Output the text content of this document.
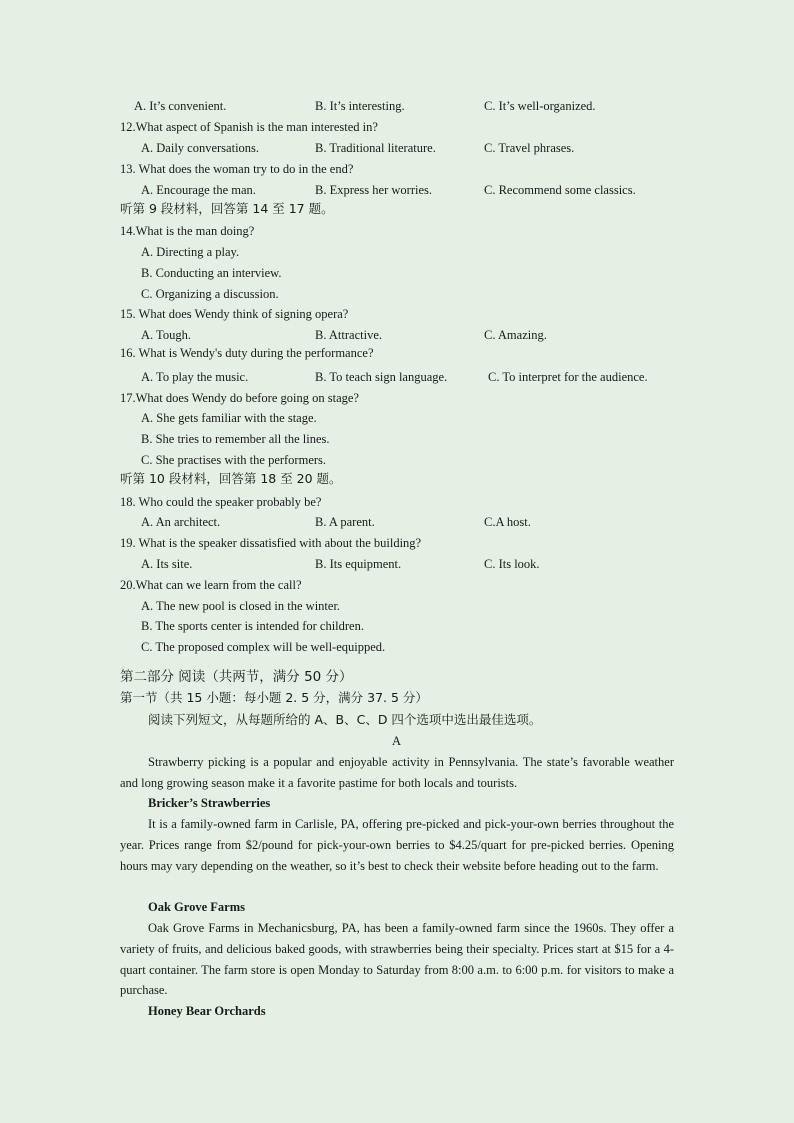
A. It’s convenient.	B. It’s interesting.	C. It’s well-organized.
12.What aspect of Spanish is the man interested in?
A. Daily conversations.	B. Traditional literature.	C. Travel phrases.
13. What does the woman try to do in the end?
A. Encourage the man.	B. Express her worries.	C. Recommend some classics.
听第 9 段材料，回答第 14 至 17 题。
14.What is the man doing?
A. Directing a play.
B. Conducting an interview.
C. Organizing a discussion.
15. What does Wendy think of signing opera?
A. Tough.	B. Attractive.	C. Amazing.
16. What is Wendy's duty during the performance?
A. To play the music.	B. To teach sign language.	C. To interpret for the audience.
17.What does Wendy do before going on stage?
A. She gets familiar with the stage.
B. She tries to remember all the lines.
C. She practises with the performers.
听第 10 段材料，回答第 18 至 20 题。
18. Who could the speaker probably be?
A. An architect.	B. A parent.	C.A host.
19. What is the speaker dissatisfied with about the building?
A. Its site.	B. Its equipment.	C. Its look.
20.What can we learn from the call?
A. The new pool is closed in the winter.
B. The sports center is intended for children.
C. The proposed complex will be well-equipped.
第二部分 阅读（共两节，满分 50 分）
第一节（共 15 小题：每小题 2. 5 分，满分 37. 5 分）
阅读下列短文，从每题所给的 A、B、C、D 四个选项中选出最佳选项。
A
Strawberry picking is a popular and enjoyable activity in Pennsylvania. The state’s favorable weather and long growing season make it a favorite pastime for both locals and tourists.
Bricker’s Strawberries
It is a family-owned farm in Carlisle, PA, offering pre-picked and pick-your-own berries throughout the year. Prices range from $2/pound for pick-your-own berries to $4.25/quart for pre-picked berries. Opening hours may vary depending on the weather, so it’s best to check their website before heading out to the farm.
Oak Grove Farms
Oak Grove Farms in Mechanicsburg, PA, has been a family-owned farm since the 1960s. They offer a variety of fruits, and delicious baked goods, with strawberries being their specialty. Prices start at $15 for a 4-quart container. The farm store is open Monday to Saturday from 8:00 a.m. to 6:00 p.m. for visitors to make a purchase.
Honey Bear Orchards
